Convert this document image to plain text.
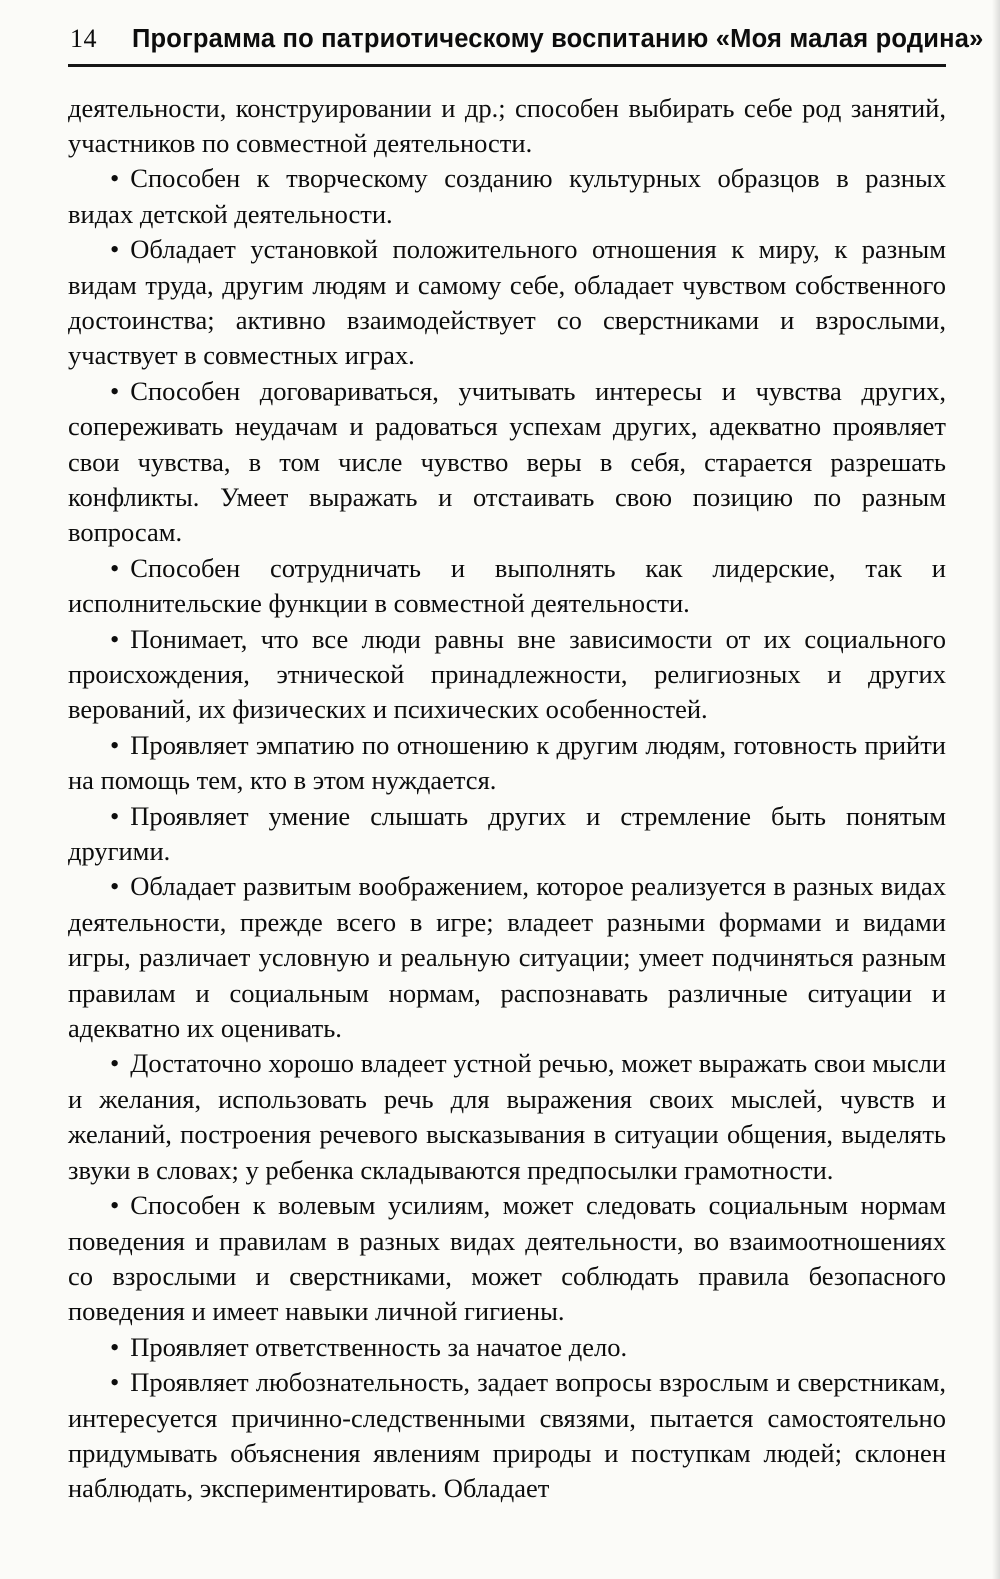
14	Программа по патриотическому воспитанию «Моя малая родина»

деятельности, конструировании и др.; способен выбирать себе род занятий, участников по совместной деятельности.

• Способен к творческому созданию культурных образцов в разных видах детской деятельности.

• Обладает установкой положительного отношения к миру, к разным видам труда, другим людям и самому себе, обладает чувством собственного достоинства; активно взаимодействует со сверстниками и взрослыми, участвует в совместных играх.

• Способен договариваться, учитывать интересы и чувства других, сопереживать неудачам и радоваться успехам других, адекватно проявляет свои чувства, в том числе чувство веры в себя, старается разрешать конфликты. Умеет выражать и отстаивать свою позицию по разным вопросам.

• Способен сотрудничать и выполнять как лидерские, так и исполнительские функции в совместной деятельности.

• Понимает, что все люди равны вне зависимости от их социального происхождения, этнической принадлежности, религиозных и других верований, их физических и психических особенностей.

• Проявляет эмпатию по отношению к другим людям, готовность прийти на помощь тем, кто в этом нуждается.

• Проявляет умение слышать других и стремление быть понятым другими.

• Обладает развитым воображением, которое реализуется в разных видах деятельности, прежде всего в игре; владеет разными формами и видами игры, различает условную и реальную ситуации; умеет подчиняться разным правилам и социальным нормам, распознавать различные ситуации и адекватно их оценивать.

• Достаточно хорошо владеет устной речью, может выражать свои мысли и желания, использовать речь для выражения своих мыслей, чувств и желаний, построения речевого высказывания в ситуации общения, выделять звуки в словах; у ребенка складываются предпосылки грамотности.

• Способен к волевым усилиям, может следовать социальным нормам поведения и правилам в разных видах деятельности, во взаимоотношениях со взрослыми и сверстниками, может соблюдать правила безопасного поведения и имеет навыки личной гигиены.

• Проявляет ответственность за начатое дело.

• Проявляет любознательность, задает вопросы взрослым и сверстникам, интересуется причинно-следственными связями, пытается самостоятельно придумывать объяснения явлениям природы и поступкам людей; склонен наблюдать, экспериментировать. Обладает
